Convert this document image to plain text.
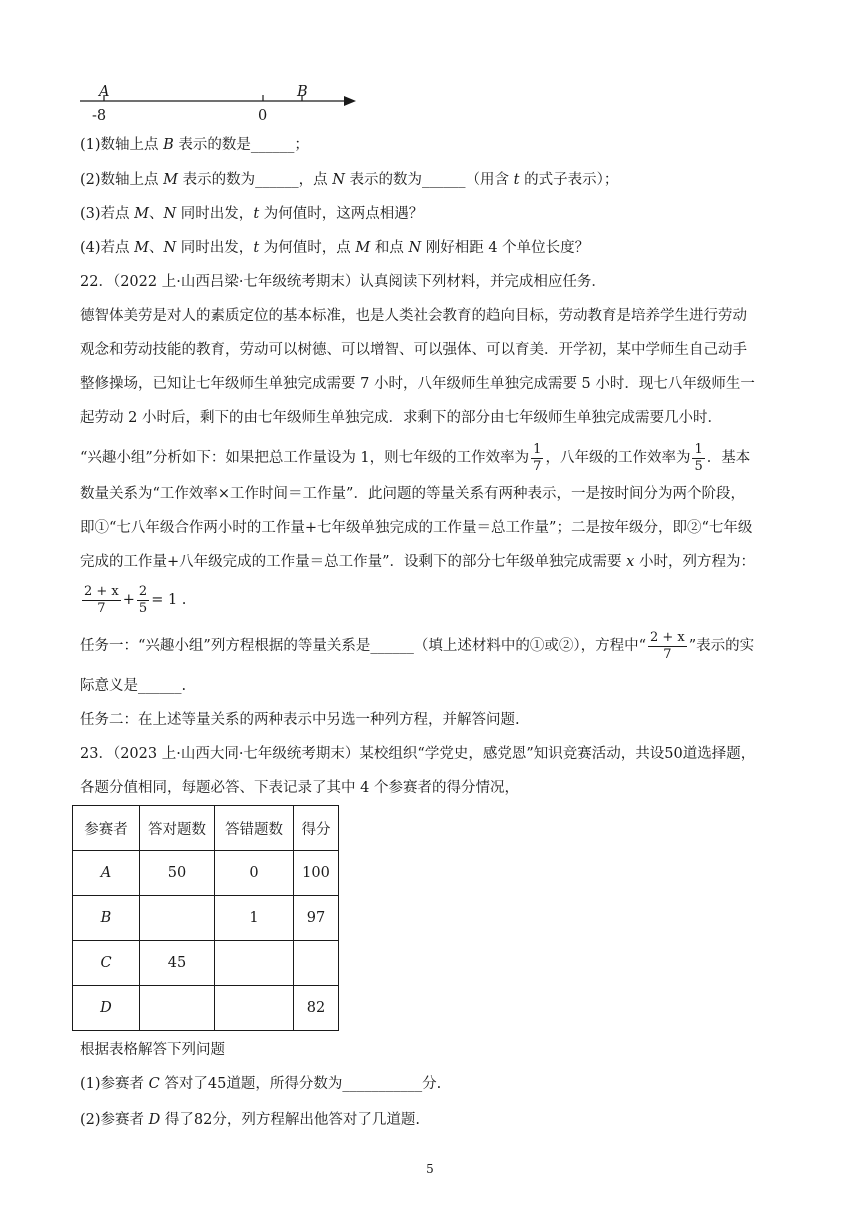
A	B
-8	0
(1)数轴上点 B 表示的数是______；
(2)数轴上点 M 表示的数为______，点 N 表示的数为______（用含 t 的式子表示）；
(3)若点 M、N 同时出发，t 为何值时，这两点相遇？
(4)若点 M、N 同时出发，t 为何值时，点 M 和点 N 刚好相距 4 个单位长度？
22．（2022 上·山西吕梁·七年级统考期末）认真阅读下列材料，并完成相应任务．
德智体美劳是对人的素质定位的基本标准，也是人类社会教育的趋向目标，劳动教育是培养学生进行劳动
观念和劳动技能的教育，劳动可以树德、可以增智、可以强体、可以育美．开学初，某中学师生自己动手
整修操场，已知让七年级师生单独完成需要 7 小时，八年级师生单独完成需要 5 小时．现七八年级师生一
起劳动 2 小时后，剩下的由七年级师生单独完成．求剩下的部分由七年级师生单独完成需要几小时．
“兴趣小组”分析如下：如果把总工作量设为 1，则七年级的工作效率为 $\frac{1}{7}$ ，八年级的工作效率为 $\frac{1}{5}$ ．基本
数量关系为“工作效率×工作时间＝工作量”．此问题的等量关系有两种表示，一是按时间分为两个阶段，
即①“七八年级合作两小时的工作量+七年级单独完成的工作量＝总工作量”；二是按年级分，即②“七年级
完成的工作量+八年级完成的工作量＝总工作量”．设剩下的部分七年级单独完成需要 x 小时，列方程为：
$\frac{2 + x}{7} + \frac{2}{5} = 1$ .
任务一：“兴趣小组”列方程根据的等量关系是______（填上述材料中的①或②），方程中“ $\frac{2 + x}{7}$ ”表示的实
际意义是______.
任务二：在上述等量关系的两种表示中另选一种列方程，并解答问题.
23．（2023 上·山西大同·七年级统考期末）某校组织“学党史，感党恩”知识竞赛活动，共设50道选择题，
各题分值相同，每题必答、下表记录了其中 4 个参赛者的得分情况，
参赛者	答对题数	答错题数	得分
A	50	0	100
B		1	97
C	45		
D			82
根据表格解答下列问题
(1)参赛者 C 答对了45道题，所得分数为___________分.
(2)参赛者 D 得了82分，列方程解出他答对了几道题.
5
